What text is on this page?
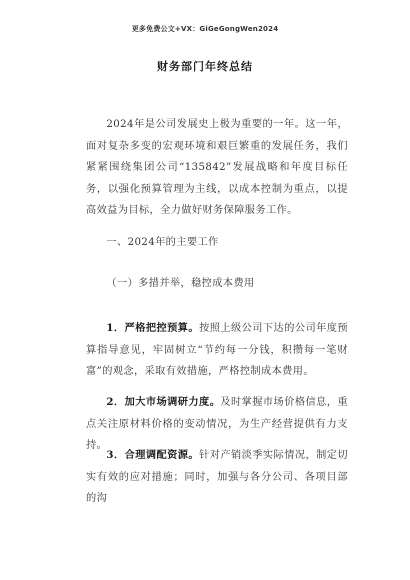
更多免费公文+VX：GiGeGongWen2024
财务部门年终总结

2024年是公司发展史上极为重要的一年。这一年，面对复杂多变的宏观环境和艰巨繁重的发展任务，我们紧紧围绕集团公司“135842”发展战略和年度目标任务，以强化预算管理为主线，以成本控制为重点，以提高效益为目标，全力做好财务保障服务工作。

一、2024年的主要工作
（一）多措并举，稳控成本费用

1．严格把控预算。按照上级公司下达的公司年度预算指导意见，牢固树立“节约每一分钱，积攒每一笔财富”的观念，采取有效措施，严格控制成本费用。

2．加大市场调研力度。及时掌握市场价格信息，重点关注原材料价格的变动情况，为生产经营提供有力支持。

3．合理调配资源。针对产销淡季实际情况，制定切实有效的应对措施；同时，加强与各分公司、各项目部的沟
